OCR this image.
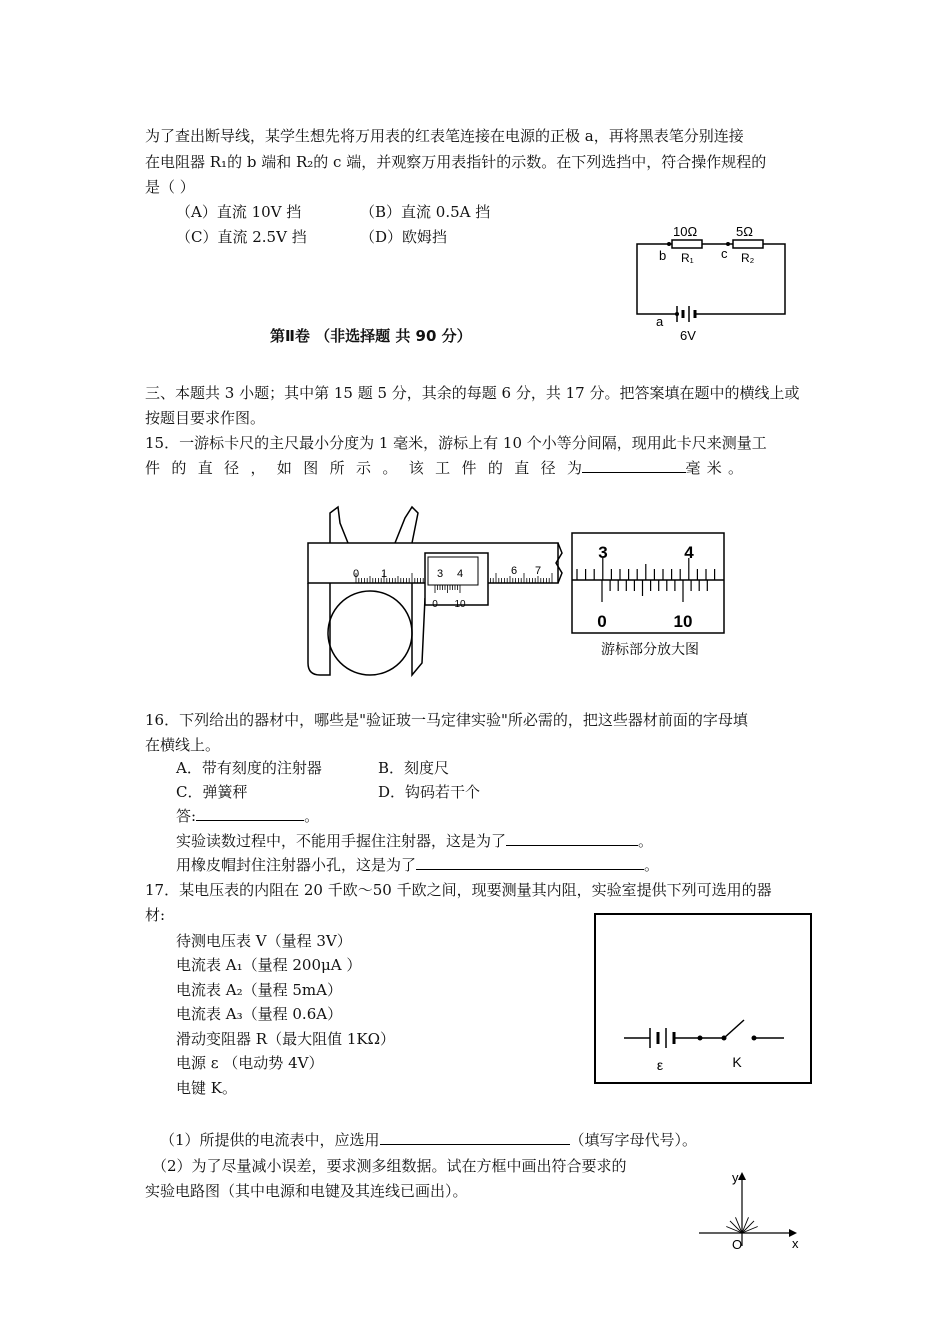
为了查出断导线，某学生想先将万用表的红表笔连接在电源的正极 a，再将黑表笔分别连接
在电阻器 R₁的 b 端和 R₂的 c 端，并观察万用表指针的示数。在下列选挡中，符合操作规程的
是（ ）
（A）直流 10V 挡	（B）直流 0.5A 挡
（C）直流 2.5V 挡	（D）欧姆挡	10Ω	5Ω
b R₁ c R₂
a
6V
第Ⅱ卷 （非选择题 共 90 分）
三、本题共 3 小题；其中第 15 题 5 分，其余的每题 6 分，共 17 分。把答案填在题中的横线上或
按题目要求作图。
15．一游标卡尺的主尺最小分度为 1 毫米，游标上有 10 个小等分间隔，现用此卡尺来测量工
件的直径，如图所示。该工件的直径为	毫米。
0 1	3 4	6 7
0 10
3	4
0	10
游标部分放大图
16．下列给出的器材中，哪些是"验证玻一马定律实验"所必需的，把这些器材前面的字母填
在横线上。
A．带有刻度的注射器	B．刻度尺
C．弹簧秤	D．钩码若干个
答:	。
实验读数过程中，不能用手握住注射器，这是为了	。
用橡皮帽封住注射器小孔，这是为了	。
17．某电压表的内阻在 20 千欧～50 千欧之间，现要测量其内阻，实验室提供下列可选用的器
材:
待测电压表 V（量程 3V）
电流表 A₁（量程 200μA ）
电流表 A₂（量程 5mA）
电流表 A₃（量程 0.6A）
滑动变阻器 R（最大阻值 1KΩ）
电源 ε （电动势 4V）
电键 K。
ε	K
（1）所提供的电流表中，应选用	（填写字母代号）。
（2）为了尽量减小误差，要求测多组数据。试在方框中画出符合要求的
实验电路图（其中电源和电键及其连线已画出）。
y
x
O
